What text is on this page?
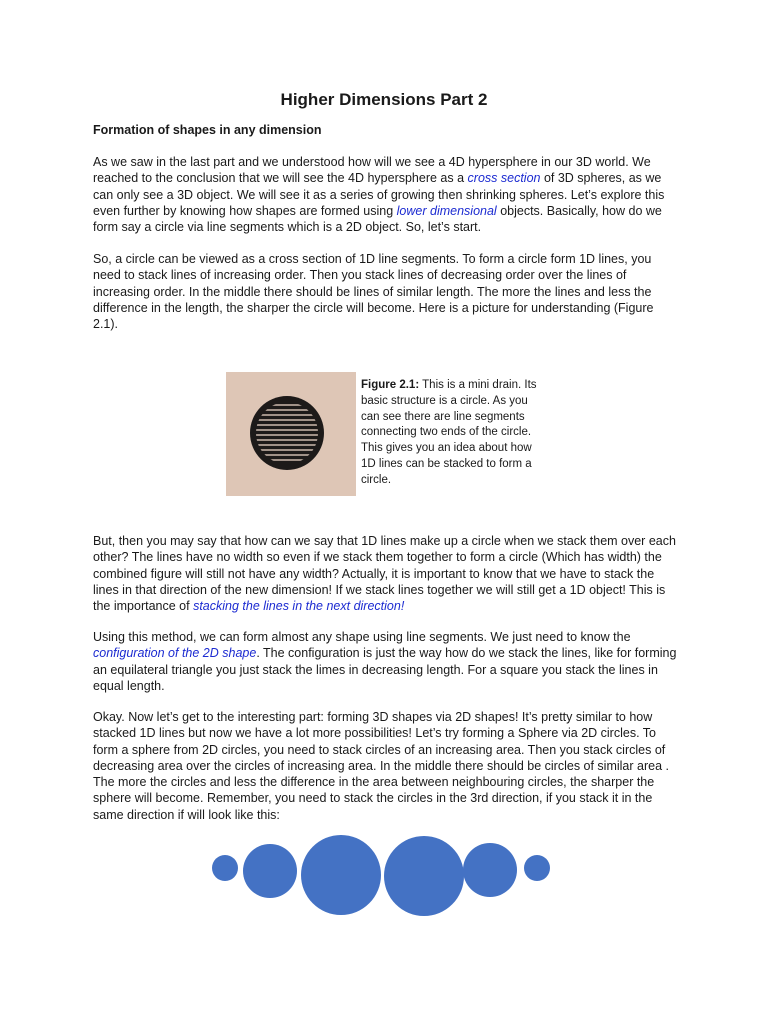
Higher Dimensions Part 2
Formation of shapes in any dimension

As we saw in the last part and we understood how will we see a 4D hypersphere in our 3D world. We reached to the conclusion that we will see the 4D hypersphere as a cross section of 3D spheres, as we can only see a 3D object. We will see it as a series of growing then shrinking spheres. Let’s explore this even further by knowing how shapes are formed using lower dimensional objects. Basically, how do we form say a circle via line segments which is a 2D object. So, let’s start.

So, a circle can be viewed as a cross section of 1D line segments. To form a circle form 1D lines, you need to stack lines of increasing order. Then you stack lines of decreasing order over the lines of increasing order. In the middle there should be lines of similar length. The more the lines and less the difference in the length, the sharper the circle will become. Here is a picture for understanding (Figure 2.1).

Figure 2.1: This is a mini drain. Its basic structure is a circle. As you can see there are line segments connecting two ends of the circle. This gives you an idea about how 1D lines can be stacked to form a circle.

But, then you may say that how can we say that 1D lines make up a circle when we stack them over each other? The lines have no width so even if we stack them together to form a circle (Which has width) the combined figure will still not have any width? Actually, it is important to know that we have to stack the lines in that direction of the new dimension! If we stack lines together we will still get a 1D object! This is the importance of stacking the lines in the next direction!

Using this method, we can form almost any shape using line segments. We just need to know the configuration of the 2D shape. The configuration is just the way how do we stack the lines, like for forming an equilateral triangle you just stack the limes in decreasing length. For a square you stack the lines in equal length.

Okay. Now let’s get to the interesting part: forming 3D shapes via 2D shapes! It’s pretty similar to how stacked 1D lines but now we have a lot more possibilities! Let’s try forming a Sphere via 2D circles. To form a sphere from 2D circles, you need to stack circles of an increasing area. Then you stack circles of decreasing area over the circles of increasing area. In the middle there should be circles of similar area . The more the circles and less the difference in the area between neighbouring circles, the sharper the sphere will become. Remember, you need to stack the circles in the 3rd direction, if you stack it in the same direction if will look like this:
